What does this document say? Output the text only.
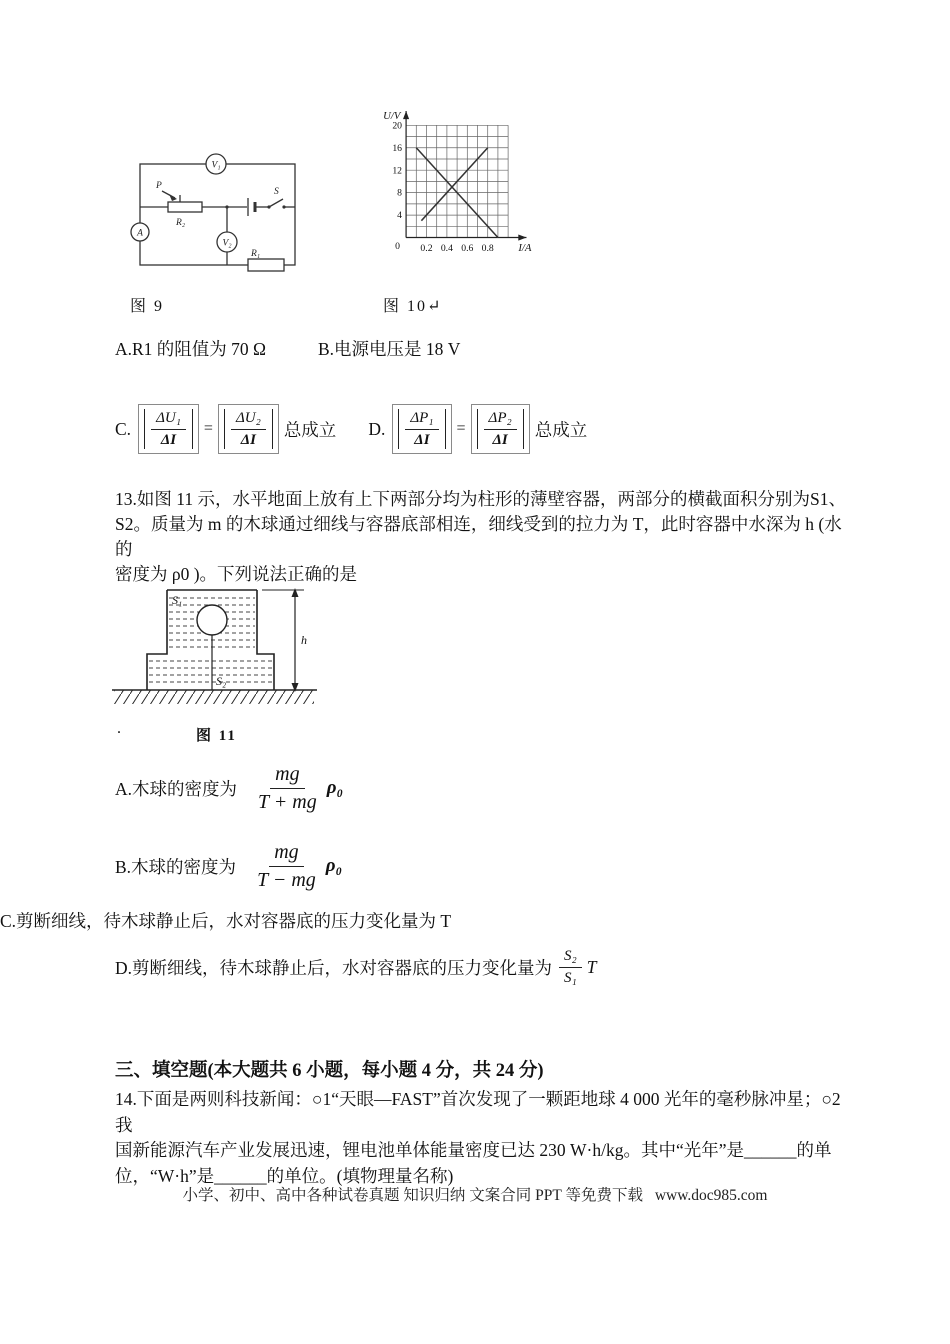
V₁
A
V₂
P
R₂
S
R₁
0
4
8
12
16
20
0.2 0.4 0.6 0.8
U/V
I/A
图 9	图 10↵
A.R1 的阻值为 70 Ω	B.电源电压是 18 V
C. $\frac{\text{ΔU₁}}{\Delta I} = \frac{\text{ΔU₂}}{\Delta I}$ 总成立 D. $\frac{\text{ΔP₁}}{\Delta I} = \frac{\text{ΔP₂}}{\Delta I}$ 总成立
13.如图 11 示，水平地面上放有上下两部分均为柱形的薄壁容器，两部分的横截面积分别为S1、
S2。质量为 m 的木球通过细线与容器底部相连，细线受到的拉力为 T，此时容器中水深为 h (水的
密度为 ρ0 )。下列说法正确的是
S₁
S₂
h
.	图 11
A.木球的密度为 $\frac{mg}{T + mg} \rho_0$
B.木球的密度为 $\frac{mg}{T - mg} \rho_0$
C.剪断细线，待木球静止后，水对容器底的压力变化量为 T
D.剪断细线，待木球静止后，水对容器底的压力变化量为 $\frac{\text{S₂}}{\text{S₁}}$ T
三、填空题(本大题共 6 小题，每小题 4 分，共 24 分)
14.下面是两则科技新闻：○1“天眼—FAST”首次发现了一颗距地球 4 000 光年的毫秒脉冲星；○2 我
国新能源汽车产业发展迅速，锂电池单体能量密度已达 230 W·h/kg。其中“光年”是______的单
位，“W·h”是______的单位。(填物理量名称)
小学、初中、高中各种试卷真题 知识归纳 文案合同 PPT 等免费下载 www.doc985.com
